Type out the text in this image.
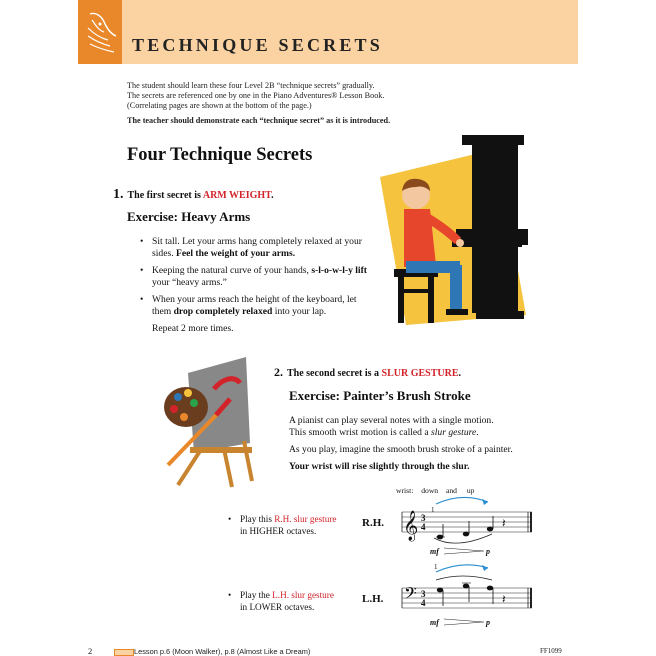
TECHNIQUE SECRETS

The student should learn these four Level 2B “technique secrets” gradually.

The secrets are referenced one by one in the Piano Adventures® Lesson Book.

(Correlating pages are shown at the bottom of the page.)

The teacher should demonstrate each “technique secret” as it is introduced.

Four Technique Secrets
1. The first secret is ARM WEIGHT.
Exercise: Heavy Arms
• Sit tall. Let your arms hang completely relaxed at your sides. Feel the weight of your arms.
• Keeping the natural curve of your hands, s-l-o-w-l-y lift your “heavy arms.”
• When your arms reach the height of the keyboard, let them drop completely relaxed into your lap.
Repeat 2 more times.
2. The second secret is a SLUR GESTURE.
Exercise: Painter’s Brush Stroke
A pianist can play several notes with a single motion.
This smooth wrist motion is called a slur gesture.
As you play, imagine the smooth brush stroke of a painter.
Your wrist will rise slightly through the slur.
wrist: down and up
1
R.H. 𝄞 3
4	𝄽
mf	p
• Play this R.H. slur gesture
in HIGHER octaves.
1
L.H. 𝄢 3
4	𝄽
mf	p
• Play the L.H. slur gesture
in LOWER octaves.
2	Lesson p.6 (Moon Walker), p.8 (Almost Like a Dream)	FF1099
